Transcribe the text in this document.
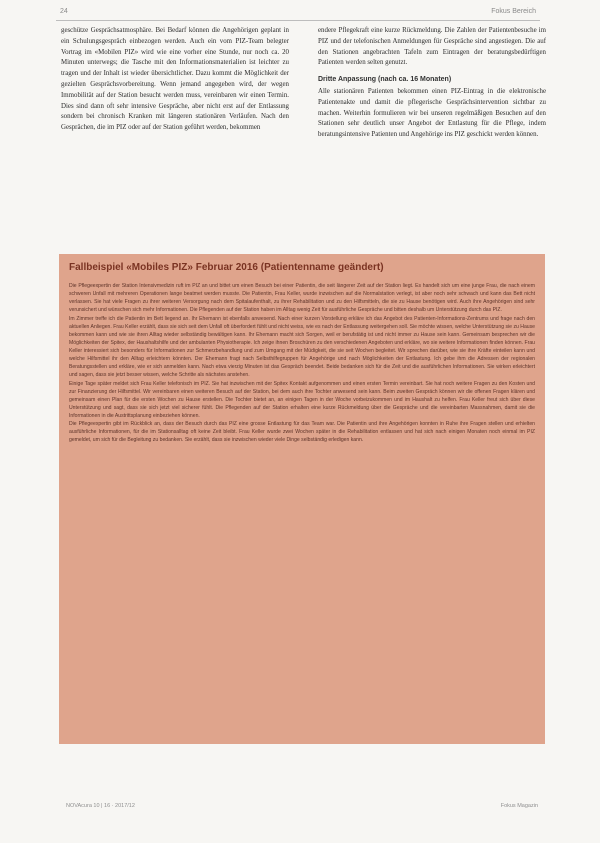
24	Fokus Bereich

geschütze Gesprächsatmosphäre. Bei Bedarf können die Angehörigen geplant in ein Schulungsgespräch einbezogen werden. Auch ein vom PIZ-Team belegter Vortrag im «Mobilen PIZ» wird wie eine vorher eine Stunde, nur noch ca. 20 Minuten unterwegs; die Tasche mit den Informationsmaterialien ist leichter zu tragen und der Inhalt ist wieder übersichtlicher. Dazu kommt die Möglichkeit der gezielten Gesprächsvorbereitung. Wenn jemand angegeben wird, der wegen Immobilität auf der Station besucht werden muss, vereinbaren wir einen Termin. Dies sind dann oft sehr intensive Gespräche, aber nicht erst auf der Entlassung sondern bei chronisch Kranken mit längeren stationären Verläufen. Nach den Gesprächen, die im PIZ oder auf der Station geführt werden, bekommen

endere Pflegekraft eine kurze Rückmeldung. Die Zahlen der Patientenbesuche im PIZ und der telefonischen Anmeldungen für Gespräche sind angestiegen. Die auf den Stationen angebrachten Tafeln zum Eintragen der beratungsbedürftigen Patienten werden selten genutzt.

Dritte Anpassung (nach ca. 16 Monaten)

Alle stationären Patienten bekommen einen PIZ-Eintrag in die elektronische Patientenakte und damit die pflegerische Gesprächsintervention sichtbar zu machen. Weiterhin formulieren wir bei unseren regelmäßigen Besuchen auf den Stationen sehr deutlich unser Angebot der Entlastung für die Pflege, indem beratungsintensive Patienten und Angehörige ins PIZ geschickt werden können.

Fallbeispiel «Mobiles PIZ» Februar 2016 (Patientenname geändert)

Die Pflegeexpertin der Station Intensivmedizin ruft im PIZ an und bittet um einen Besuch bei einer Patientin, die seit längerer Zeit auf der Station liegt. Es handelt sich um eine junge Frau, die nach einem schweren Unfall mit mehreren Operationen lange beatmet werden musste. Die Patientin, Frau Keller, wurde inzwischen auf die Normalstation verlegt, ist aber noch sehr schwach und kann das Bett nicht verlassen. Sie hat viele Fragen zu ihrer weiteren Versorgung nach dem Spitalaufenthalt, zu ihrer Rehabilitation und zu den Hilfsmitteln, die sie zu Hause benötigen wird. Auch ihre Angehörigen sind sehr verunsichert und wünschen sich mehr Informationen. Die Pflegenden auf der Station haben im Alltag wenig Zeit für ausführliche Gespräche und bitten deshalb um Unterstützung durch das PIZ.

Im Zimmer treffe ich die Patientin im Bett liegend an. Ihr Ehemann ist ebenfalls anwesend. Nach einer kurzen Vorstellung erkläre ich das Angebot des Patienten-Informations-Zentrums und frage nach den aktuellen Anliegen. Frau Keller erzählt, dass sie sich seit dem Unfall oft überfordert fühlt und nicht weiss, wie es nach der Entlassung weitergehen soll. Sie möchte wissen, welche Unterstützung sie zu Hause bekommen kann und wie sie ihren Alltag wieder selbständig bewältigen kann. Ihr Ehemann macht sich Sorgen, weil er berufstätig ist und nicht immer zu Hause sein kann. Gemeinsam besprechen wir die Möglichkeiten der Spitex, der Haushaltshilfe und der ambulanten Physiotherapie. Ich zeige ihnen Broschüren zu den verschiedenen Angeboten und erkläre, wo sie weitere Informationen finden können. Frau Keller interessiert sich besonders für Informationen zur Schmerzbehandlung und zum Umgang mit der Müdigkeit, die sie seit Wochen begleitet. Wir sprechen darüber, wie sie ihre Kräfte einteilen kann und welche Hilfsmittel ihr den Alltag erleichtern könnten. Der Ehemann fragt nach Selbsthilfegruppen für Angehörige und nach Möglichkeiten der Entlastung. Ich gebe ihm die Adressen der regionalen Beratungsstellen und erkläre, wie er sich anmelden kann. Nach etwa vierzig Minuten ist das Gespräch beendet. Beide bedanken sich für die Zeit und die ausführlichen Informationen. Sie wirken erleichtert und sagen, dass sie jetzt besser wissen, welche Schritte als nächstes anstehen.

Einige Tage später meldet sich Frau Keller telefonisch im PIZ. Sie hat inzwischen mit der Spitex Kontakt aufgenommen und einen ersten Termin vereinbart. Sie hat noch weitere Fragen zu den Kosten und zur Finanzierung der Hilfsmittel. Wir vereinbaren einen weiteren Besuch auf der Station, bei dem auch ihre Tochter anwesend sein kann. Beim zweiten Gespräch können wir die offenen Fragen klären und gemeinsam einen Plan für die ersten Wochen zu Hause erstellen. Die Tochter bietet an, an einigen Tagen in der Woche vorbeizukommen und im Haushalt zu helfen. Frau Keller freut sich über diese Unterstützung und sagt, dass sie sich jetzt viel sicherer fühlt. Die Pflegenden auf der Station erhalten eine kurze Rückmeldung über die Gespräche und die vereinbarten Massnahmen, damit sie die Informationen in die Austrittsplanung einbeziehen können.

Die Pflegeexpertin gibt im Rückblick an, dass der Besuch durch das PIZ eine grosse Entlastung für das Team war. Die Patientin und ihre Angehörigen konnten in Ruhe ihre Fragen stellen und erhielten ausführliche Informationen, für die im Stationsalltag oft keine Zeit bleibt. Frau Keller wurde zwei Wochen später in die Rehabilitation entlassen und hat sich nach einigen Monaten noch einmal im PIZ gemeldet, um sich für die Begleitung zu bedanken. Sie erzählt, dass sie inzwischen wieder viele Dinge selbständig erledigen kann.

NOVAcura 10 | 16 · 2017/12	Fokus Magazin
